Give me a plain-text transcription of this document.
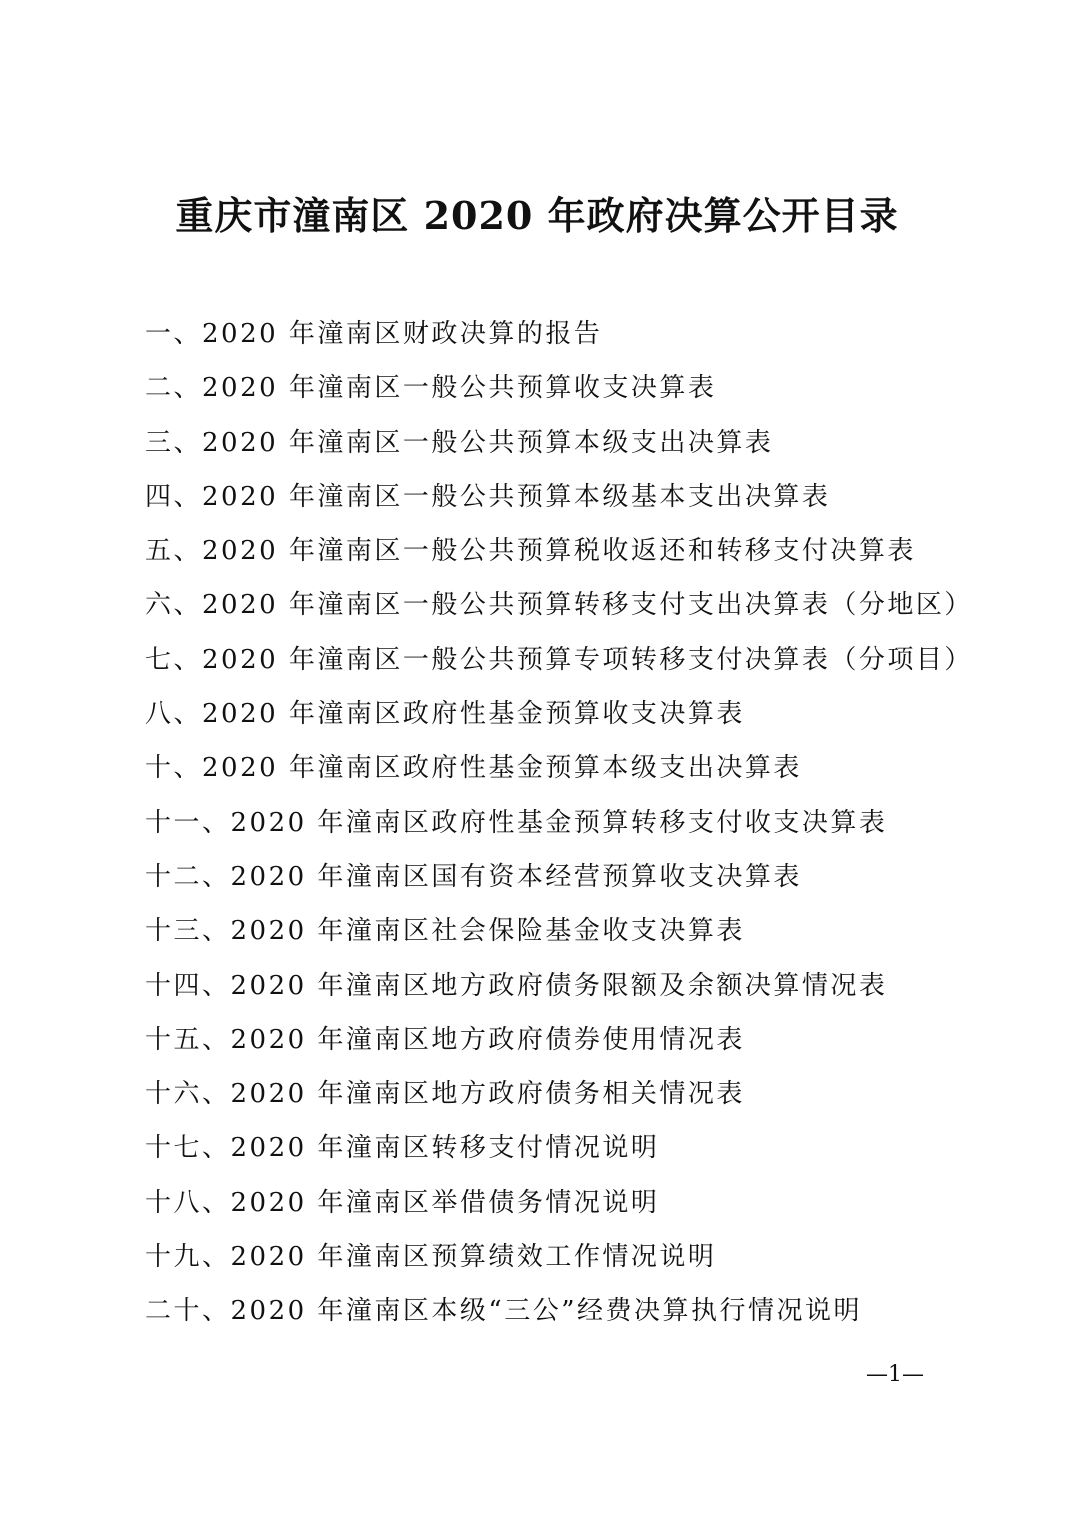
重庆市潼南区 2020 年政府决算公开目录
一、2020 年潼南区财政决算的报告
二、2020 年潼南区一般公共预算收支决算表
三、2020 年潼南区一般公共预算本级支出决算表
四、2020 年潼南区一般公共预算本级基本支出决算表
五、2020 年潼南区一般公共预算税收返还和转移支付决算表
六、2020 年潼南区一般公共预算转移支付支出决算表（分地区）
七、2020 年潼南区一般公共预算专项转移支付决算表（分项目）
八、2020 年潼南区政府性基金预算收支决算表
十、2020 年潼南区政府性基金预算本级支出决算表
十一、2020 年潼南区政府性基金预算转移支付收支决算表
十二、2020 年潼南区国有资本经营预算收支决算表
十三、2020 年潼南区社会保险基金收支决算表
十四、2020 年潼南区地方政府债务限额及余额决算情况表
十五、2020 年潼南区地方政府债券使用情况表
十六、2020 年潼南区地方政府债务相关情况表
十七、2020 年潼南区转移支付情况说明
十八、2020 年潼南区举借债务情况说明
十九、2020 年潼南区预算绩效工作情况说明
二十、2020 年潼南区本级“三公”经费决算执行情况说明
—1—
